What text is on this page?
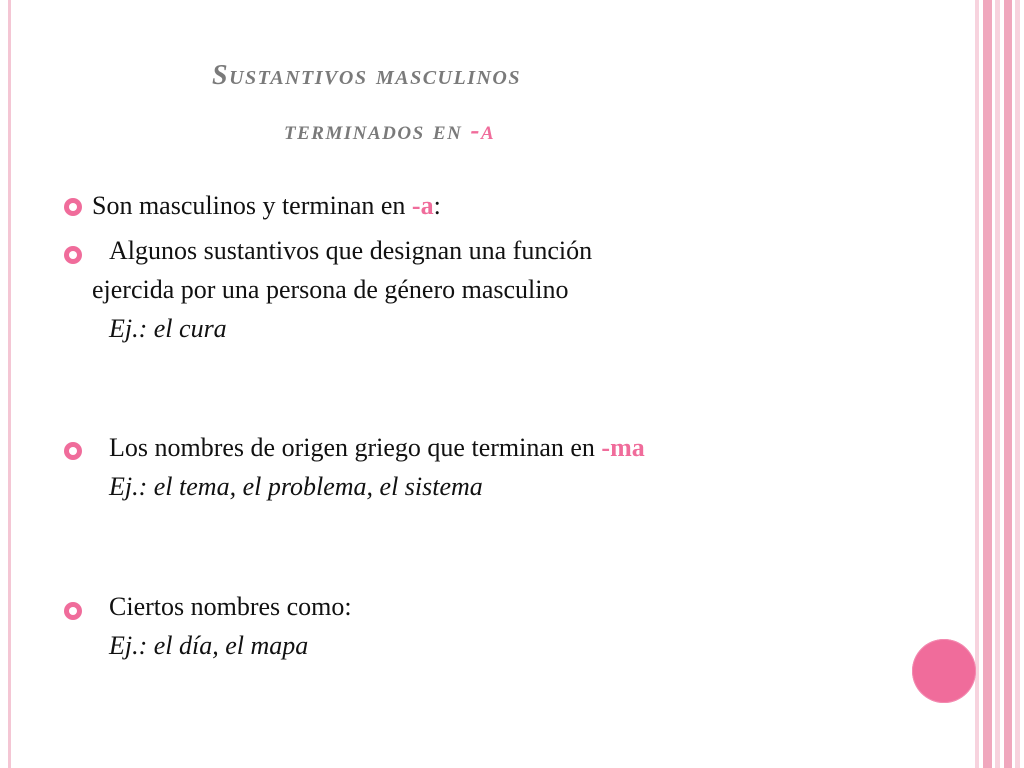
Sustantivos masculinos

terminados en -a

Son masculinos y terminan en -a:

Algunos sustantivos que designan una función

ejercida por una persona de género masculino

Ej.: el cura

Los nombres de origen griego que terminan en -ma

Ej.: el tema, el problema, el sistema

Ciertos nombres como:

Ej.: el día, el mapa
